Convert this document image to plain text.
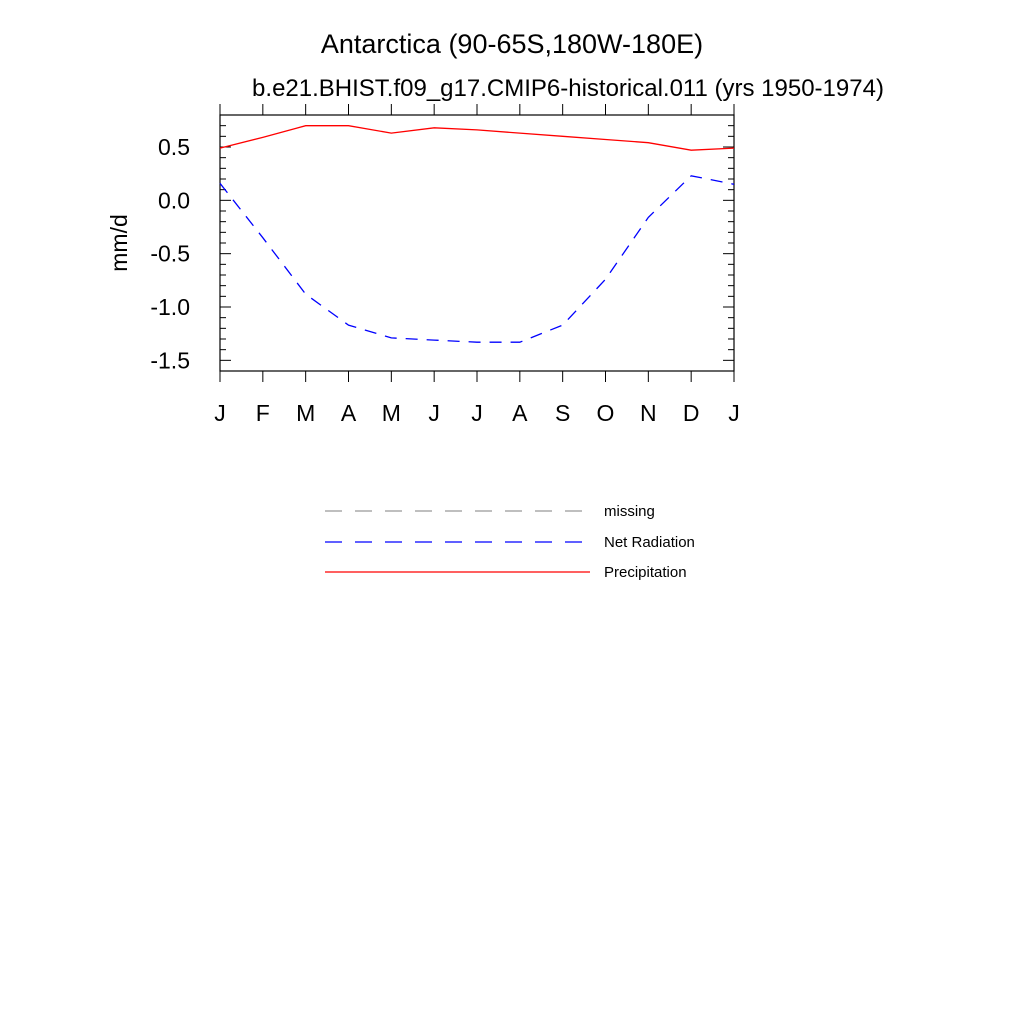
Antarctica (90-65S,180W-180E)
b.e21.BHIST.f09_g17.CMIP6-historical.011 (yrs 1950-1974)
mm/d
0.5
0.0
-0.5
-1.0
-1.5
J F M A M J J A S O N D J
missing
Net Radiation
Precipitation
